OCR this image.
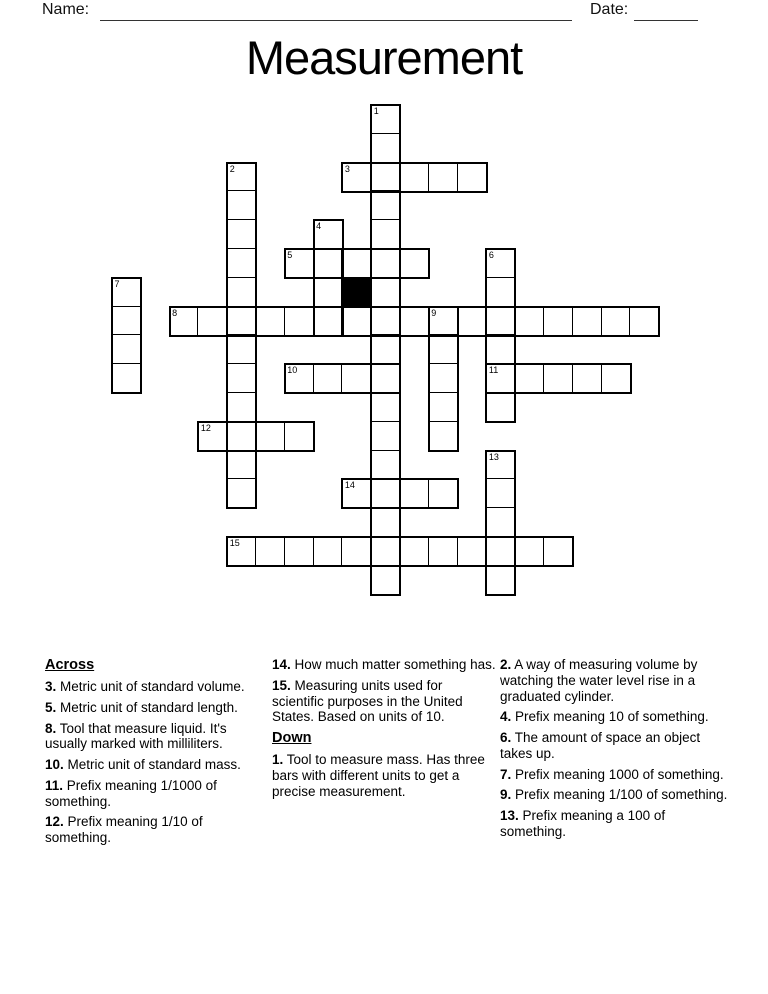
Name:	Date:
Measurement
1
2	3
4
5	6
7
8	9
10	11
12
13
14
15
Across
3. Metric unit of standard volume.
5. Metric unit of standard length.
8. Tool that measure liquid. It's usually marked with milliliters.
10. Metric unit of standard mass.
11. Prefix meaning 1/1000 of something.
12. Prefix meaning 1/10 of something.
14. How much matter something has.
15. Measuring units used for scientific purposes in the United States. Based on units of 10.
Down
1. Tool to measure mass. Has three bars with different units to get a precise measurement.
2. A way of measuring volume by watching the water level rise in a graduated cylinder.
4. Prefix meaning 10 of something.
6. The amount of space an object takes up.
7. Prefix meaning 1000 of something.
9. Prefix meaning 1/100 of something.
13. Prefix meaning a 100 of something.
